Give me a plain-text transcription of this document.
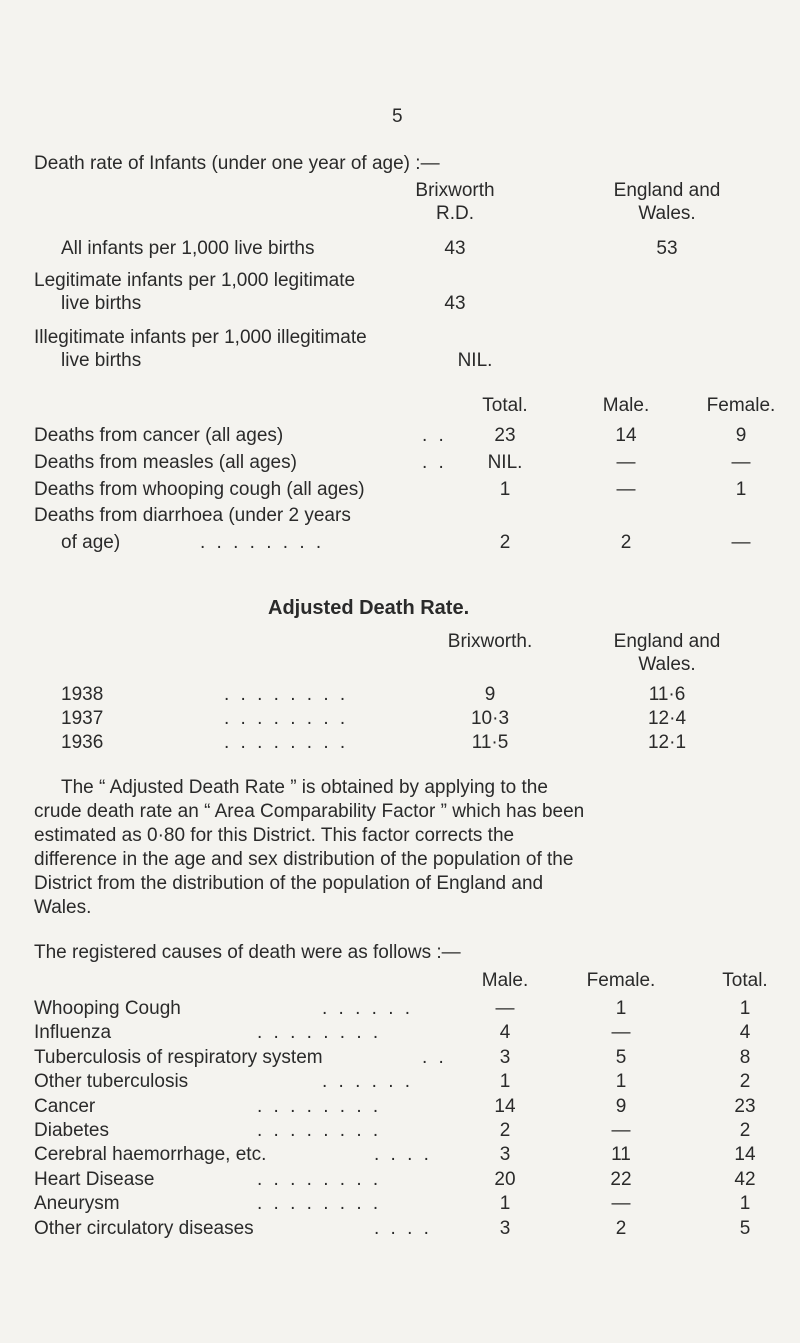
5
Death rate of Infants (under one year of age) :—
Brixworth
R.D.
England and
Wales.
All infants per 1,000 live births	43	53
Legitimate infants per 1,000 legitimate
live births	43
Illegitimate infants per 1,000 illegitimate
live births	NIL.
Total.	Male.	Female.
Deaths from cancer (all ages)	. .	23	14	9
Deaths from measles (all ages)	. .	NIL.	—	—
Deaths from whooping cough (all ages)	1	—	1
Deaths from diarrhoea (under 2 years
of age)	. . . . . . . .	2	2	—
Adjusted Death Rate.
Brixworth.	England and
Wales.
1938	. . . . . . . .	9	11·6
1937	. . . . . . . .	10·3	12·4
1936	. . . . . . . .	11·5	12·1
The “ Adjusted Death Rate ” is obtained by applying to the
crude death rate an “ Area Comparability Factor ” which has been
estimated as 0·80 for this District. This factor corrects the
difference in the age and sex distribution of the population of the
District from the distribution of the population of England and
Wales.
The registered causes of death were as follows :—
Male.	Female.	Total.
Whooping Cough	. . . . . .	—	1	1
Influenza	. . . . . . . .	4	—	4
Tuberculosis of respiratory system	. .	3	5	8
Other tuberculosis	. . . . . .	1	1	2
Cancer	. . . . . . . .	14	9	23
Diabetes	. . . . . . . .	2	—	2
Cerebral haemorrhage, etc.	. . . .	3	11	14
Heart Disease	. . . . . . . .	20	22	42
Aneurysm	. . . . . . . .	1	—	1
Other circulatory diseases	. . . .	3	2	5
